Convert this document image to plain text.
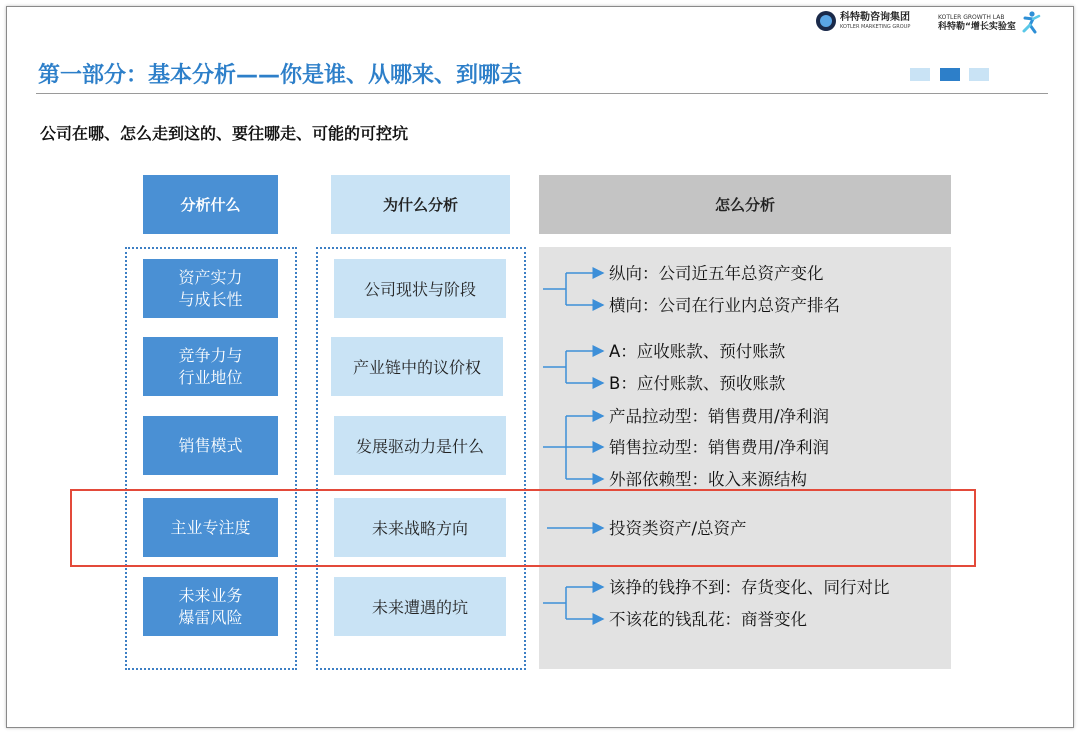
科特勒咨询集团
KOTLER MARKETING GROUP
KOTLER GROWTH LAB
科特勒“增长实验室
第一部分：基本分析——你是谁、从哪来、到哪去
公司在哪、怎么走到这的、要往哪走、可能的可控坑
分析什么	为什么分析	怎么分析
资产实力
与成长性
竞争力与
行业地位
销售模式
主业专注度
未来业务
爆雷风险
公司现状与阶段
产业链中的议价权
发展驱动力是什么
未来战略方向
未来遭遇的坑
纵向：公司近五年总资产变化
横向：公司在行业内总资产排名
A：应收账款、预付账款
B：应付账款、预收账款
产品拉动型：销售费用/净利润
销售拉动型：销售费用/净利润
外部依赖型：收入来源结构
投资类资产/总资产
该挣的钱挣不到：存货变化、同行对比
不该花的钱乱花：商誉变化
